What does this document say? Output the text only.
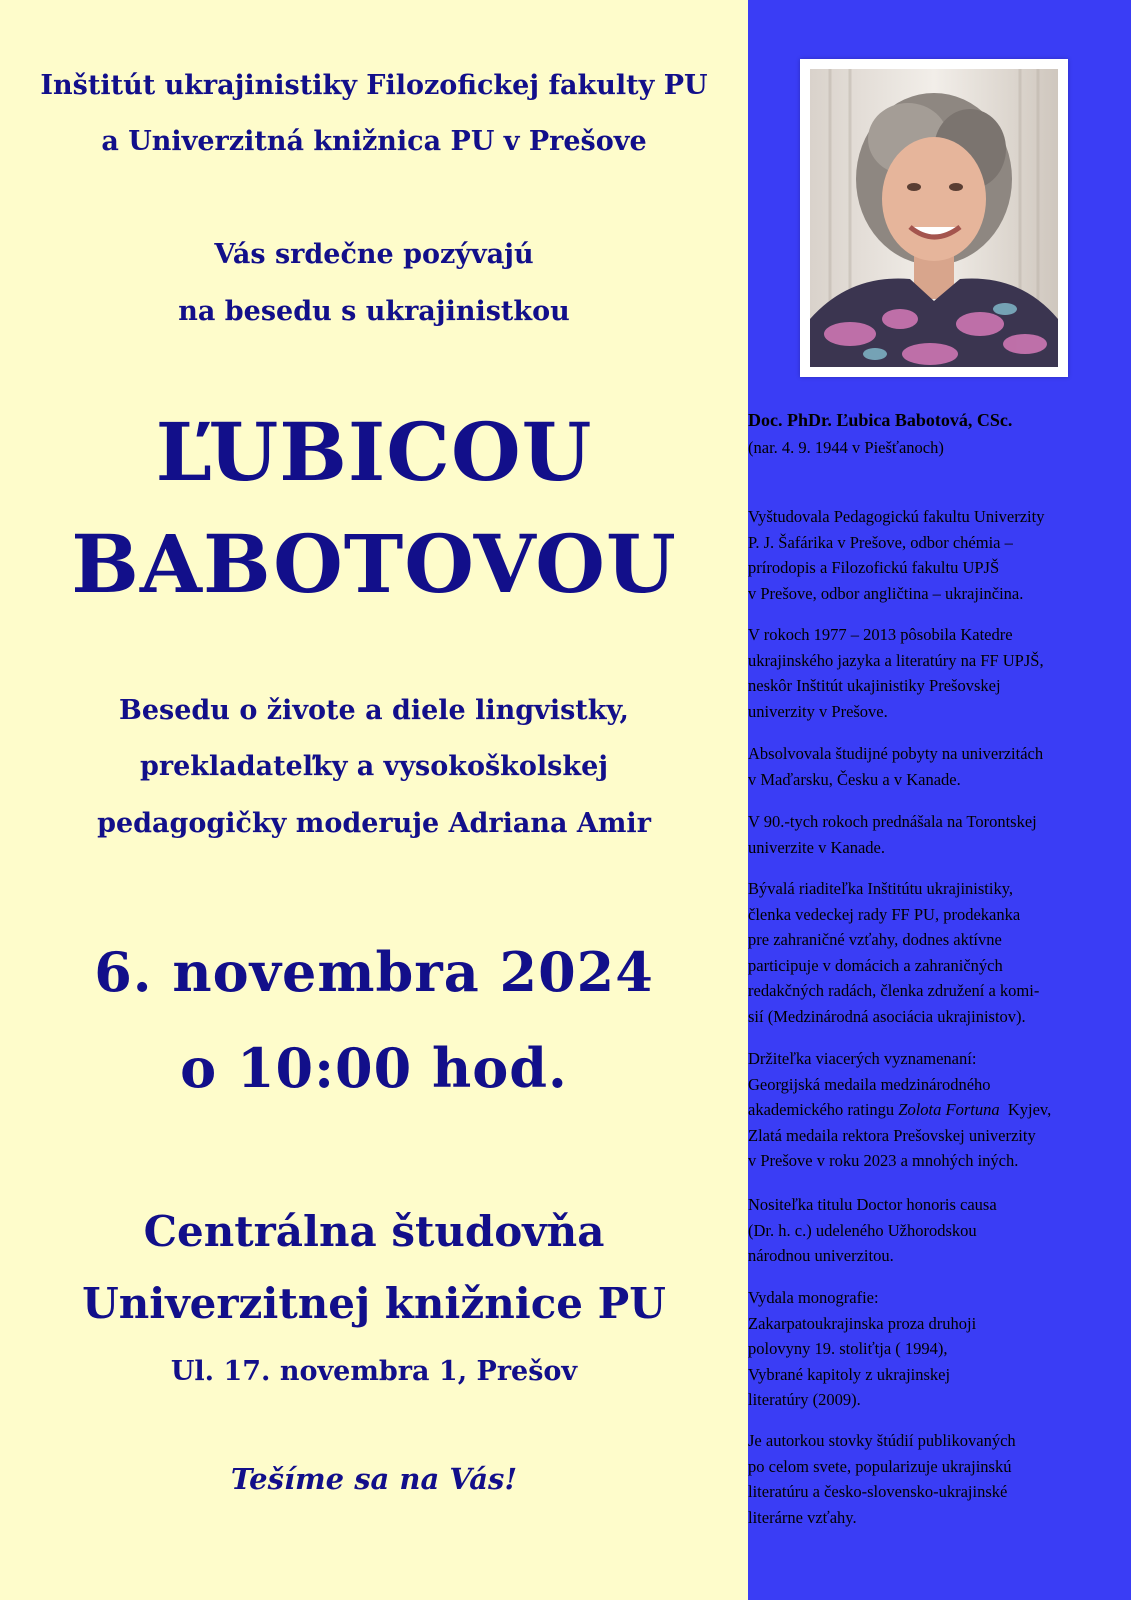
Inštitút ukrajinistiky Filozofickej fakulty PU
a Univerzitná knižnica PU v Prešove
Vás srdečne pozývajú
na besedu s ukrajinistkou
ĽUBICOU
BABOTOVOU
Besedu o živote a diele lingvistky,
prekladateľky a vysokoškolskej
pedagogičky moderuje Adriana Amir
6. novembra 2024
o 10:00 hod.
Centrálna študovňa
Univerzitnej knižnice PU
Ul. 17. novembra 1, Prešov
Tešíme sa na Vás!
Doc. PhDr. Ľubica Babotová, CSc.
(nar. 4. 9. 1944 v Piešťanoch)
Vyštudovala Pedagogickú fakultu Univerzity
P. J. Šafárika v Prešove, odbor chémia –
prírodopis a Filozofickú fakultu UPJŠ
v Prešove, odbor angličtina – ukrajinčina.
V rokoch 1977 – 2013 pôsobila Katedre
ukrajinského jazyka a literatúry na FF UPJŠ,
neskôr Inštitút ukajinistiky Prešovskej
univerzity v Prešove.
Absolvovala študijné pobyty na univerzitách
v Maďarsku, Česku a v Kanade.
V 90.-tych rokoch prednášala na Torontskej
univerzite v Kanade.
Bývalá riaditeľka Inštitútu ukrajinistiky,
členka vedeckej rady FF PU, prodekanka
pre zahraničné vzťahy, dodnes aktívne
participuje v domácich a zahraničných
redakčných radách, členka združení a komi-
sií (Medzinárodná asociácia ukrajinistov).
Držiteľka viacerých vyznamenaní:
Georgijská medaila medzinárodného
akademického ratingu Zolota Fortuna  Kyjev,
Zlatá medaila rektora Prešovskej univerzity
v Prešove v roku 2023 a mnohých iných.
Nositeľka titulu Doctor honoris causa
(Dr. h. c.) udeleného Užhorodskou
národnou univerzitou.
Vydala monografie:
Zakarpatoukrajinska proza druhoji
polovyny 19. stoliťtja ( 1994),
Vybrané kapitoly z ukrajinskej
literatúry (2009).
Je autorkou stovky štúdií publikovaných
po celom svete, popularizuje ukrajinskú
literatúru a česko-slovensko-ukrajinské
literárne vzťahy.
